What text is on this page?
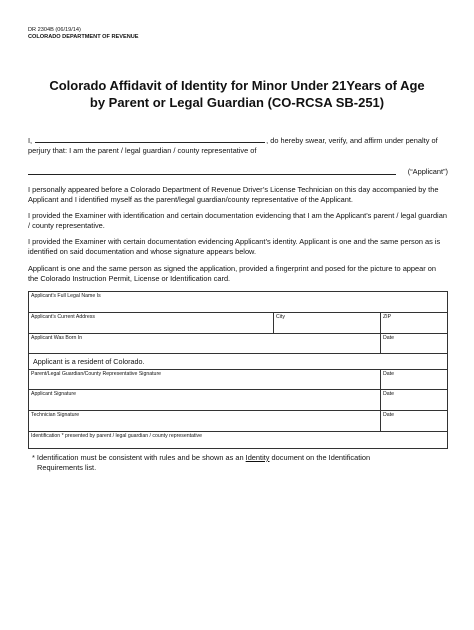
DR 2304B (06/19/14)
COLORADO DEPARTMENT OF REVENUE
Colorado Affidavit of Identity for Minor Under 21Years of Age
by Parent or Legal Guardian (CO-RCSA SB-251)
I,	, do hereby swear, verify, and affirm under penalty of
perjury that: I am the parent / legal guardian / county representative of
(“Applicant”)
I personally appeared before a Colorado Department of Revenue Driver’s License Technician on this day accompanied by the Applicant and I identified myself as the parent/legal guardian/county representative of the Applicant.
I provided the Examiner with identification and certain documentation evidencing that I am the Applicant’s parent / legal guardian / county representative.
I provided the Examiner with certain documentation evidencing Applicant’s identity. Applicant is one and the same person as is identified on said documentation and whose signature appears below.
Applicant is one and the same person as signed the application, provided a fingerprint and posed for the picture to appear on the Colorado Instruction Permit, License or Identification card.
Applicant’s Full Legal Name Is		
Applicant’s Current Address	City	ZIP
Applicant Was Born In		Date
Applicant is a resident of Colorado.		
Parent/Legal Guardian/County Representative Signature		Date
Applicant Signature		Date
Technician Signature		Date
Identification * presented by parent / legal guardian / county representative		
* Identification must be consistent with rules and be shown as an Identity document on the Identification
Requirements list.
